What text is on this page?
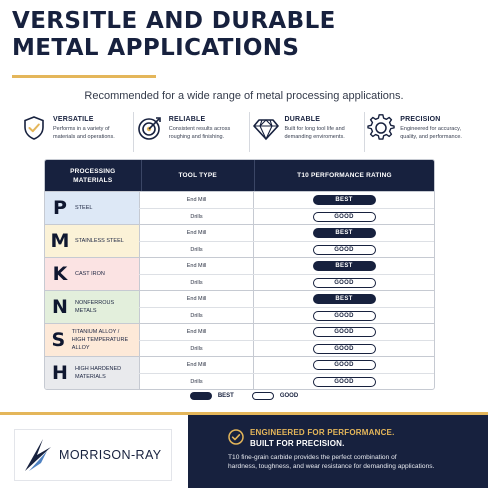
VERSITLE AND DURABLE
METAL APPLICATIONS
Recommended for a wide range of metal processing applications.
VERSATILE
Performs in a variety of
materials and operations.
RELIABLE
Consistent results across
roughing and finishing.
DURABLE
Built for long tool life and
demanding enviroments.
PRECISION
Engineered for accuracy,
quality, and performance.
PROCESSING
MATERIALS
TOOL TYPE	T10 PERFORMANCE RATING
P	STEEL
End Mill	BEST
Drills	GOOD
M	STAINLESS STEEL
End Mill	BEST
Drills	GOOD
K	CAST IRON
End Mill	BEST
Drills	GOOD
N	NONFERROUS
METALS
End Mill	BEST
Drills	GOOD
S	TITANIUM ALLOY /
HIGH TEMPERATURE ALLOY
End Mill	GOOD
Drills	GOOD
H	HIGH HARDENED
MATERIALS
End Mill	GOOD
Drills	GOOD
BEST	GOOD
MORRISON-RAY
ENGINEERED FOR PERFORMANCE.
BUILT FOR PRECISION.
T10 fine-grain carbide provides the perfect combination of
hardness, toughness, and wear resistance for demanding applications.
